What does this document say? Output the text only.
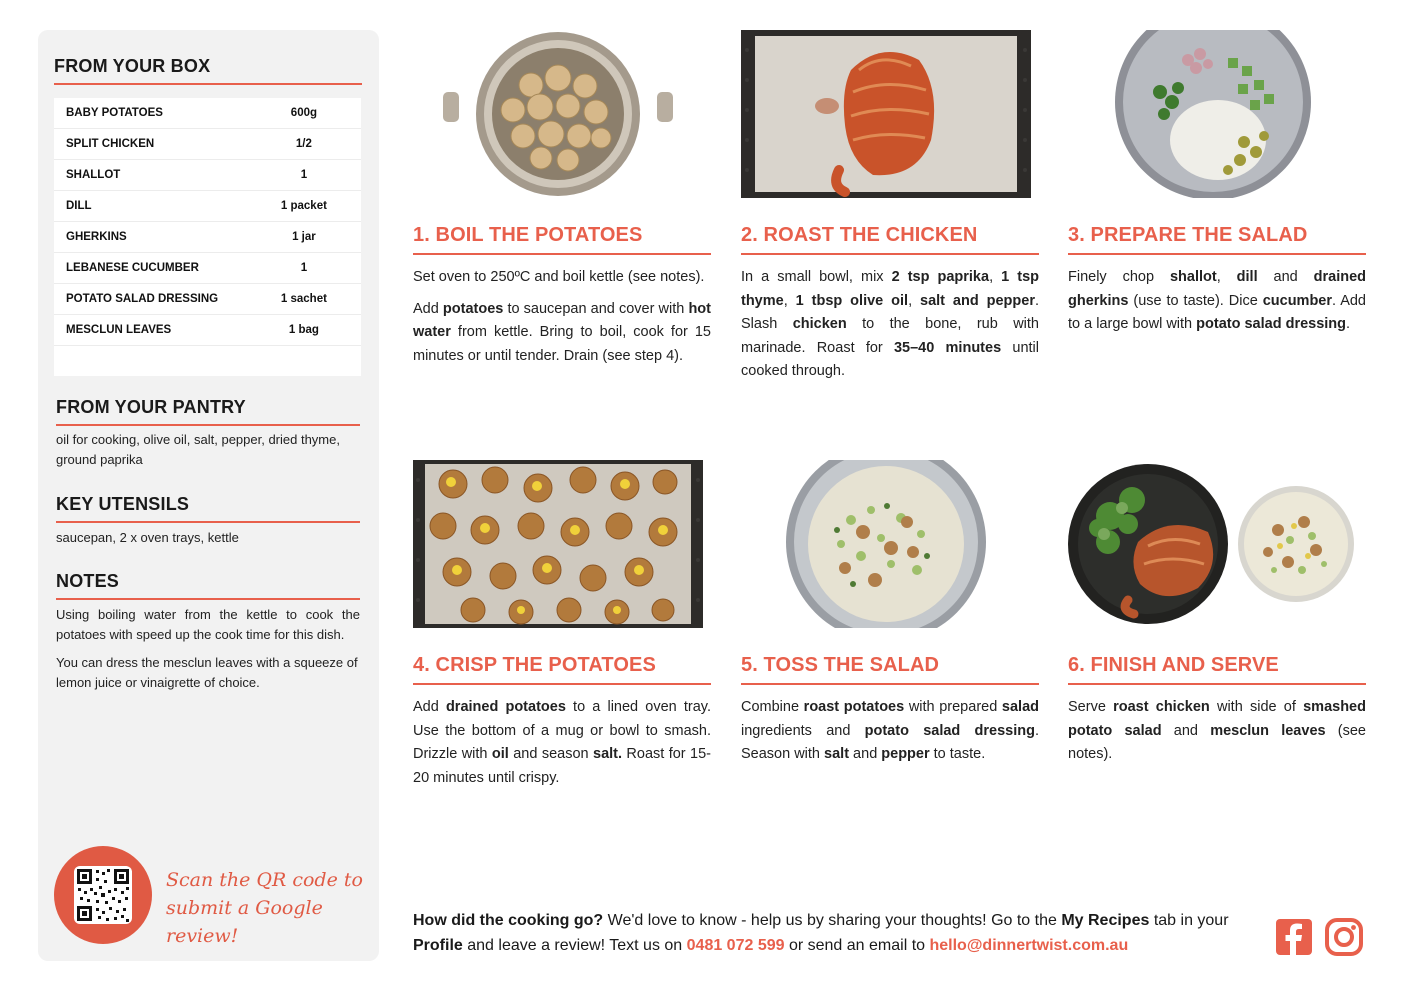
FROM YOUR BOX
BABY POTATOES	600g
SPLIT CHICKEN	1/2
SHALLOT	1
DILL	1 packet
GHERKINS	1 jar
LEBANESE CUCUMBER	1
POTATO SALAD DRESSING	1 sachet
MESCLUN LEAVES	1 bag
FROM YOUR PANTRY

oil for cooking, olive oil, salt, pepper, dried thyme, ground paprika

KEY UTENSILS

saucepan, 2 x oven trays, kettle

NOTES

Using boiling water from the kettle to cook the potatoes with speed up the cook time for this dish.

You can dress the mesclun leaves with a squeeze of lemon juice or vinaigrette of choice.

Scan the QR code to
submit a Google review!
1. BOIL THE POTATOES

Set oven to 250ºC and boil kettle (see notes).

Add potatoes to saucepan and cover with hot water from kettle. Bring to boil, cook for 15 minutes or until tender. Drain (see step 4).

2. ROAST THE CHICKEN

In a small bowl, mix 2 tsp paprika, 1 tsp thyme, 1 tbsp olive oil, salt and pepper. Slash chicken to the bone, rub with marinade. Roast for 35–40 minutes until cooked through.

3. PREPARE THE SALAD

Finely chop shallot, dill and drained gherkins (use to taste). Dice cucumber. Add to a large bowl with potato salad dressing.

4. CRISP THE POTATOES

Add drained potatoes to a lined oven tray. Use the bottom of a mug or bowl to smash. Drizzle with oil and season salt. Roast for 15-20 minutes until crispy.

5. TOSS THE SALAD

Combine roast potatoes with prepared salad ingredients and potato salad dressing. Season with salt and pepper to taste.

6. FINISH AND SERVE

Serve roast chicken with side of smashed potato salad and mesclun leaves (see notes).

How did the cooking go? We'd love to know - help us by sharing your thoughts! Go to the My Recipes tab in your Profile and leave a review! Text us on 0481 072 599 or send an email to hello@dinnertwist.com.au
